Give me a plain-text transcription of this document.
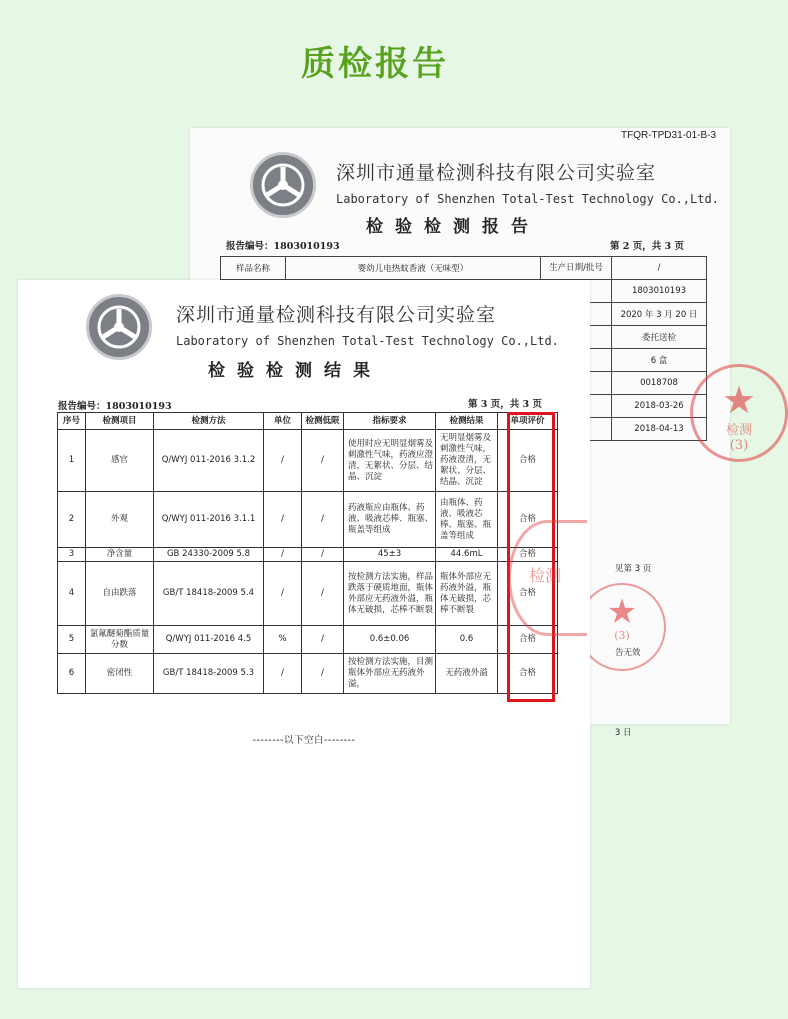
质检报告
TFQR-TPD31-01-B-3
深圳市通量检测科技有限公司实验室
Laboratory of Shenzhen Total-Test Technology Co.,Ltd.
检验检测报告
报告编号：1803010193	第 2 页，共 3 页
样品名称	婴幼儿电热蚊香液（无味型）	生产日期/批号	/
			1803010193
			2020 年 3 月 20 日
			委托送检
			6 盒
			0018708
			2018-03-26
			2018-04-13
见第 3 页
告无效
3 日
★
检测
(3)
★
(3)
深圳市通量检测科技有限公司实验室
Laboratory of Shenzhen Total-Test Technology Co.,Ltd.
检验检测结果
报告编号：1803010193	第 3 页，共 3 页
序号	检测项目	检测方法	单位	检测低限	指标要求	检测结果	单项评价
1	感官	Q/WYJ 011-2016 3.1.2	/	/	使用时应无明显烟雾及刺激性气味，药液应澄清，无絮状、分层、结晶、沉淀	无明显烟雾及刺激性气味，药液澄清，无絮状、分层、结晶、沉淀	合格
2	外观	Q/WYJ 011-2016 3.1.1	/	/	药液瓶应由瓶体、药液、吸液芯棒、瓶塞、瓶盖等组成	由瓶体、药液、吸液芯棒、瓶塞、瓶盖等组成	合格
3	净含量	GB 24330-2009 5.8	/	/	45±3	44.6mL	合格
4	自由跌落	GB/T 18418-2009 5.4	/	/	按检测方法实施，样品跌落于硬质地面，瓶体外部应无药液外溢，瓶体无破损，芯棒不断裂	瓶体外部应无药液外溢，瓶体无破损，芯棒不断裂	合格
5	氯氟醚菊酯质量分数	Q/WYJ 011-2016 4.5	%	/	0.6±0.06	0.6	合格
6	密闭性	GB/T 18418-2009 5.3	/	/	按检测方法实施，目测瓶体外部应无药液外溢，	无药液外溢	合格
检测
--------以下空白--------
